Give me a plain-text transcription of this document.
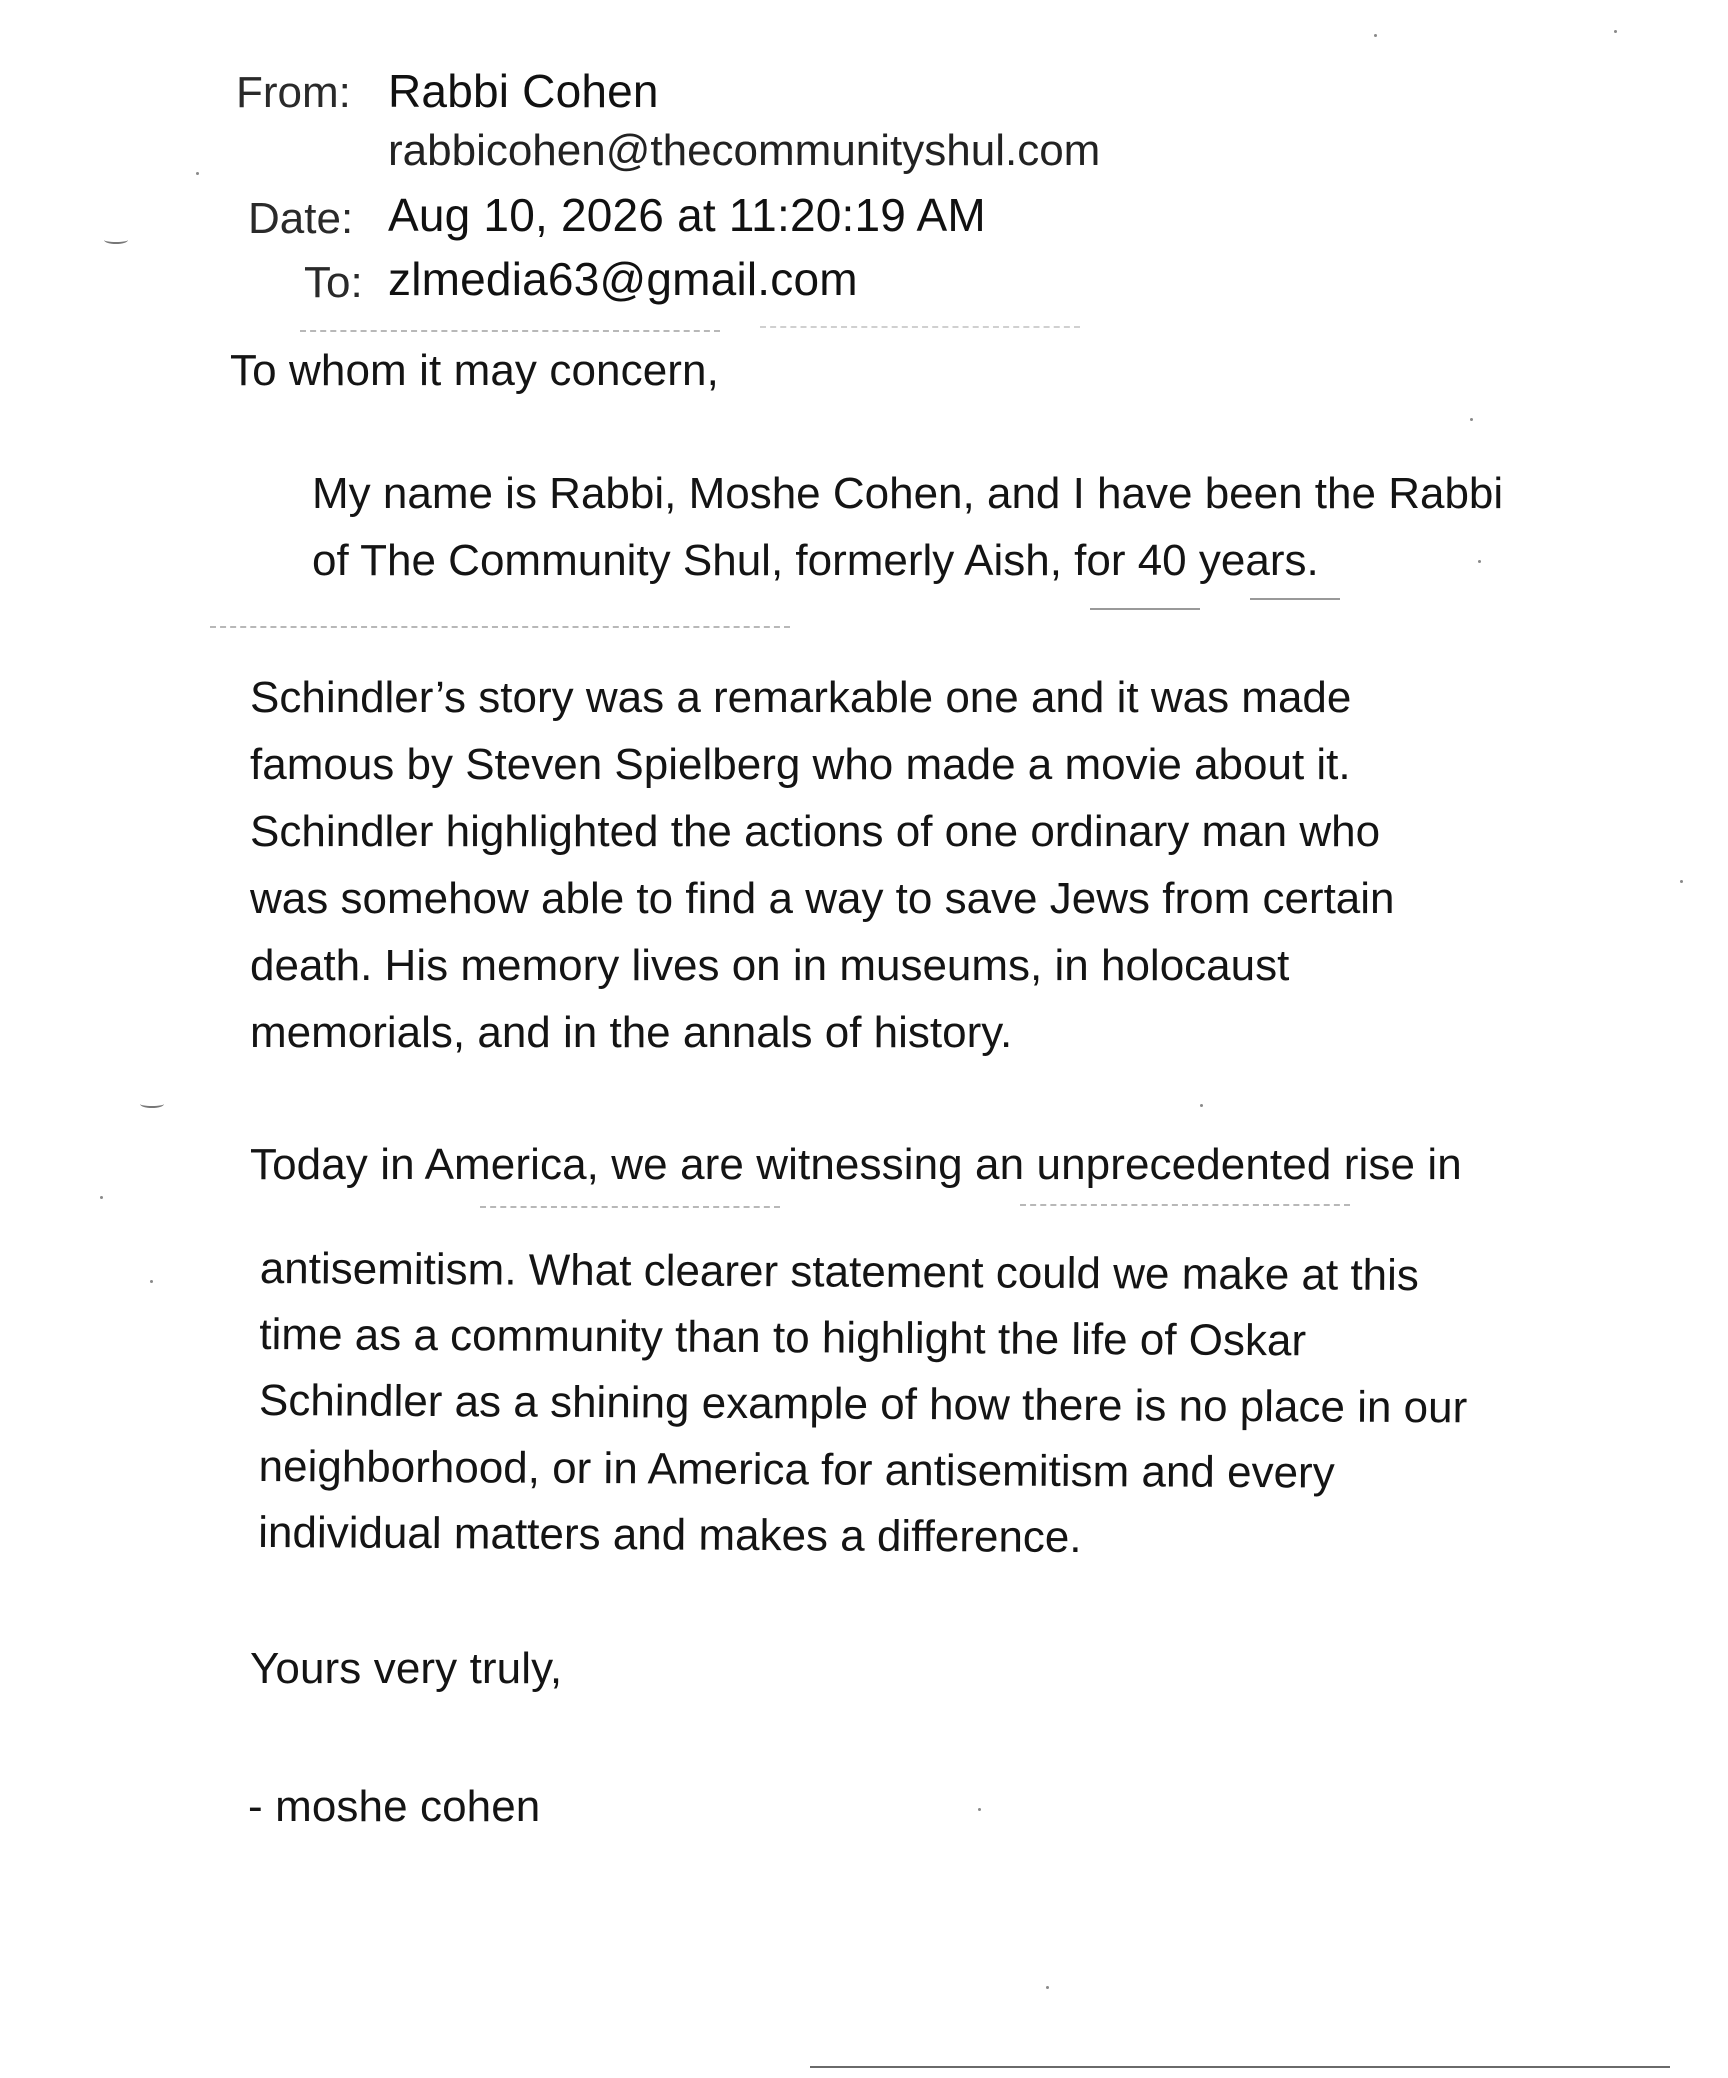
From: Rabbi Cohen
rabbicohen@thecommunityshul.com
Date: Aug 10, 2026 at 11:20:19 AM
To: zlmedia63@gmail.com
To whom it may concern,
My name is Rabbi, Moshe Cohen, and I have been the Rabbi
of The Community Shul, formerly Aish, for 40 years.
Schindler’s story was a remarkable one and it was made
famous by Steven Spielberg who made a movie about it.
Schindler highlighted the actions of one ordinary man who
was somehow able to find a way to save Jews from certain
death. His memory lives on in museums, in holocaust
memorials, and in the annals of history.
Today in America, we are witnessing an unprecedented rise in
antisemitism. What clearer statement could we make at this
time as a community than to highlight the life of Oskar
Schindler as a shining example of how there is no place in our
neighborhood, or in America for antisemitism and every
individual matters and makes a difference.
Yours very truly,
- moshe cohen
